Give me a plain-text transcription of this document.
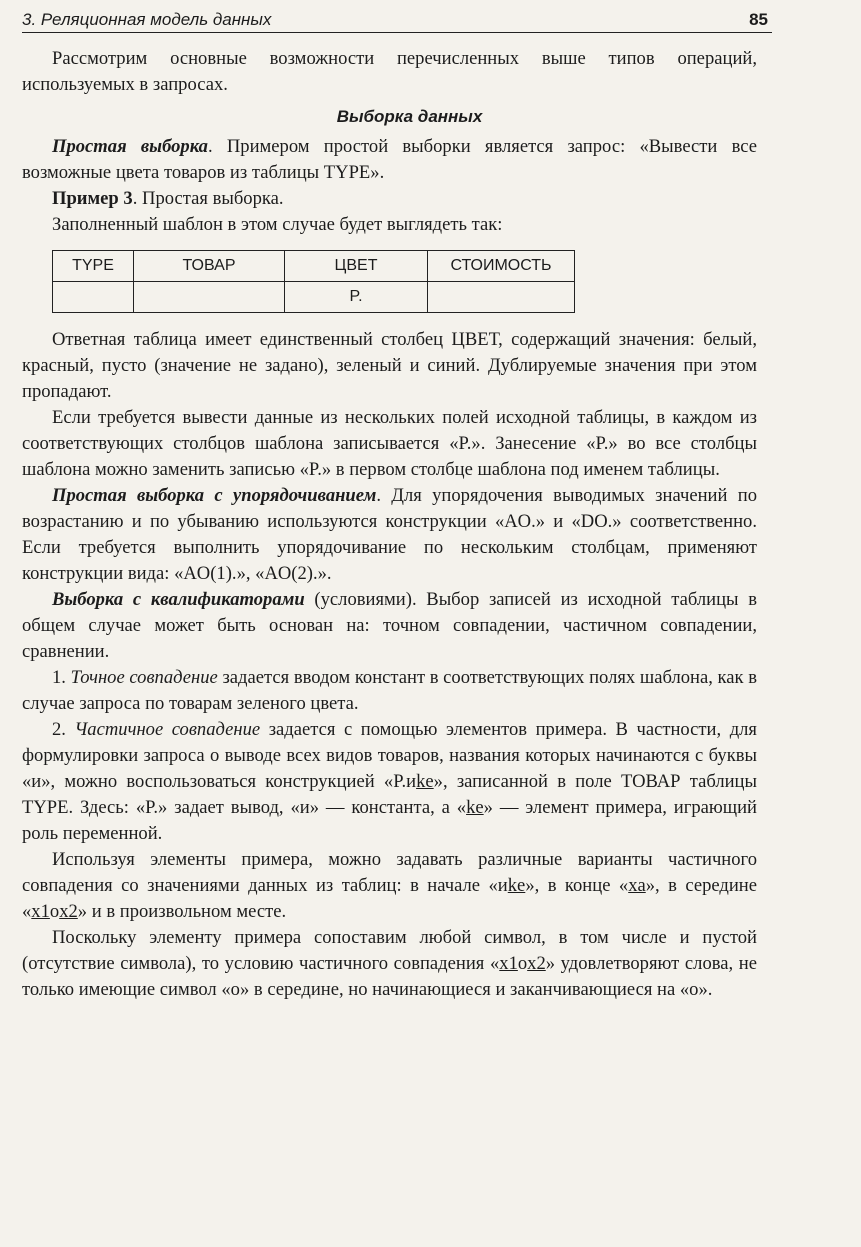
3. Реляционная модель данных	85

Рассмотрим основные возможности перечисленных выше типов операций, используемых в запросах.

Выборка данных

Простая выборка. Примером простой выборки является запрос: «Вывести все возможные цвета товаров из таблицы TYPE».

Пример 3. Простая выборка.

Заполненный шаблон в этом случае будет выглядеть так:

TYPE	ТОВАР	ЦВЕТ	СТОИМОСТЬ
		P.	

Ответная таблица имеет единственный столбец ЦВЕТ, содержащий значения: белый, красный, пусто (значение не задано), зеленый и синий. Дублируемые значения при этом пропадают.

Если требуется вывести данные из нескольких полей исходной таблицы, в каждом из соответствующих столбцов шаблона записывается «P.». Занесение «P.» во все столбцы шаблона можно заменить записью «P.» в первом столбце шаблона под именем таблицы.

Простая выборка с упорядочиванием. Для упорядочения выводимых значений по возрастанию и по убыванию используются конструкции «AO.» и «DO.» соответственно. Если требуется выполнить упорядочивание по нескольким столбцам, применяют конструкции вида: «AO(1).», «AO(2).».

Выборка с квалификаторами (условиями). Выбор записей из исходной таблицы в общем случае может быть основан на: точном совпадении, частичном совпадении, сравнении.

1. Точное совпадение задается вводом констант в соответствующих полях шаблона, как в случае запроса по товарам зеленого цвета.

2. Частичное совпадение задается с помощью элементов примера. В частности, для формулировки запроса о выводе всех видов товаров, названия которых начинаются с буквы «и», можно воспользоваться конструкцией «P.иke», записанной в поле ТОВАР таблицы TYPE. Здесь: «P.» задает вывод, «и» — константа, а «ke» — элемент примера, играющий роль переменной.

Используя элементы примера, можно задавать различные варианты частичного совпадения со значениями данных из таблиц: в начале «иke», в конце «xa», в середине «x1оx2» и в произвольном месте.

Поскольку элементу примера сопоставим любой символ, в том числе и пустой (отсутствие символа), то условию частичного совпадения «x1оx2» удовлетворяют слова, не только имеющие символ «о» в середине, но начинающиеся и заканчивающиеся на «о».
